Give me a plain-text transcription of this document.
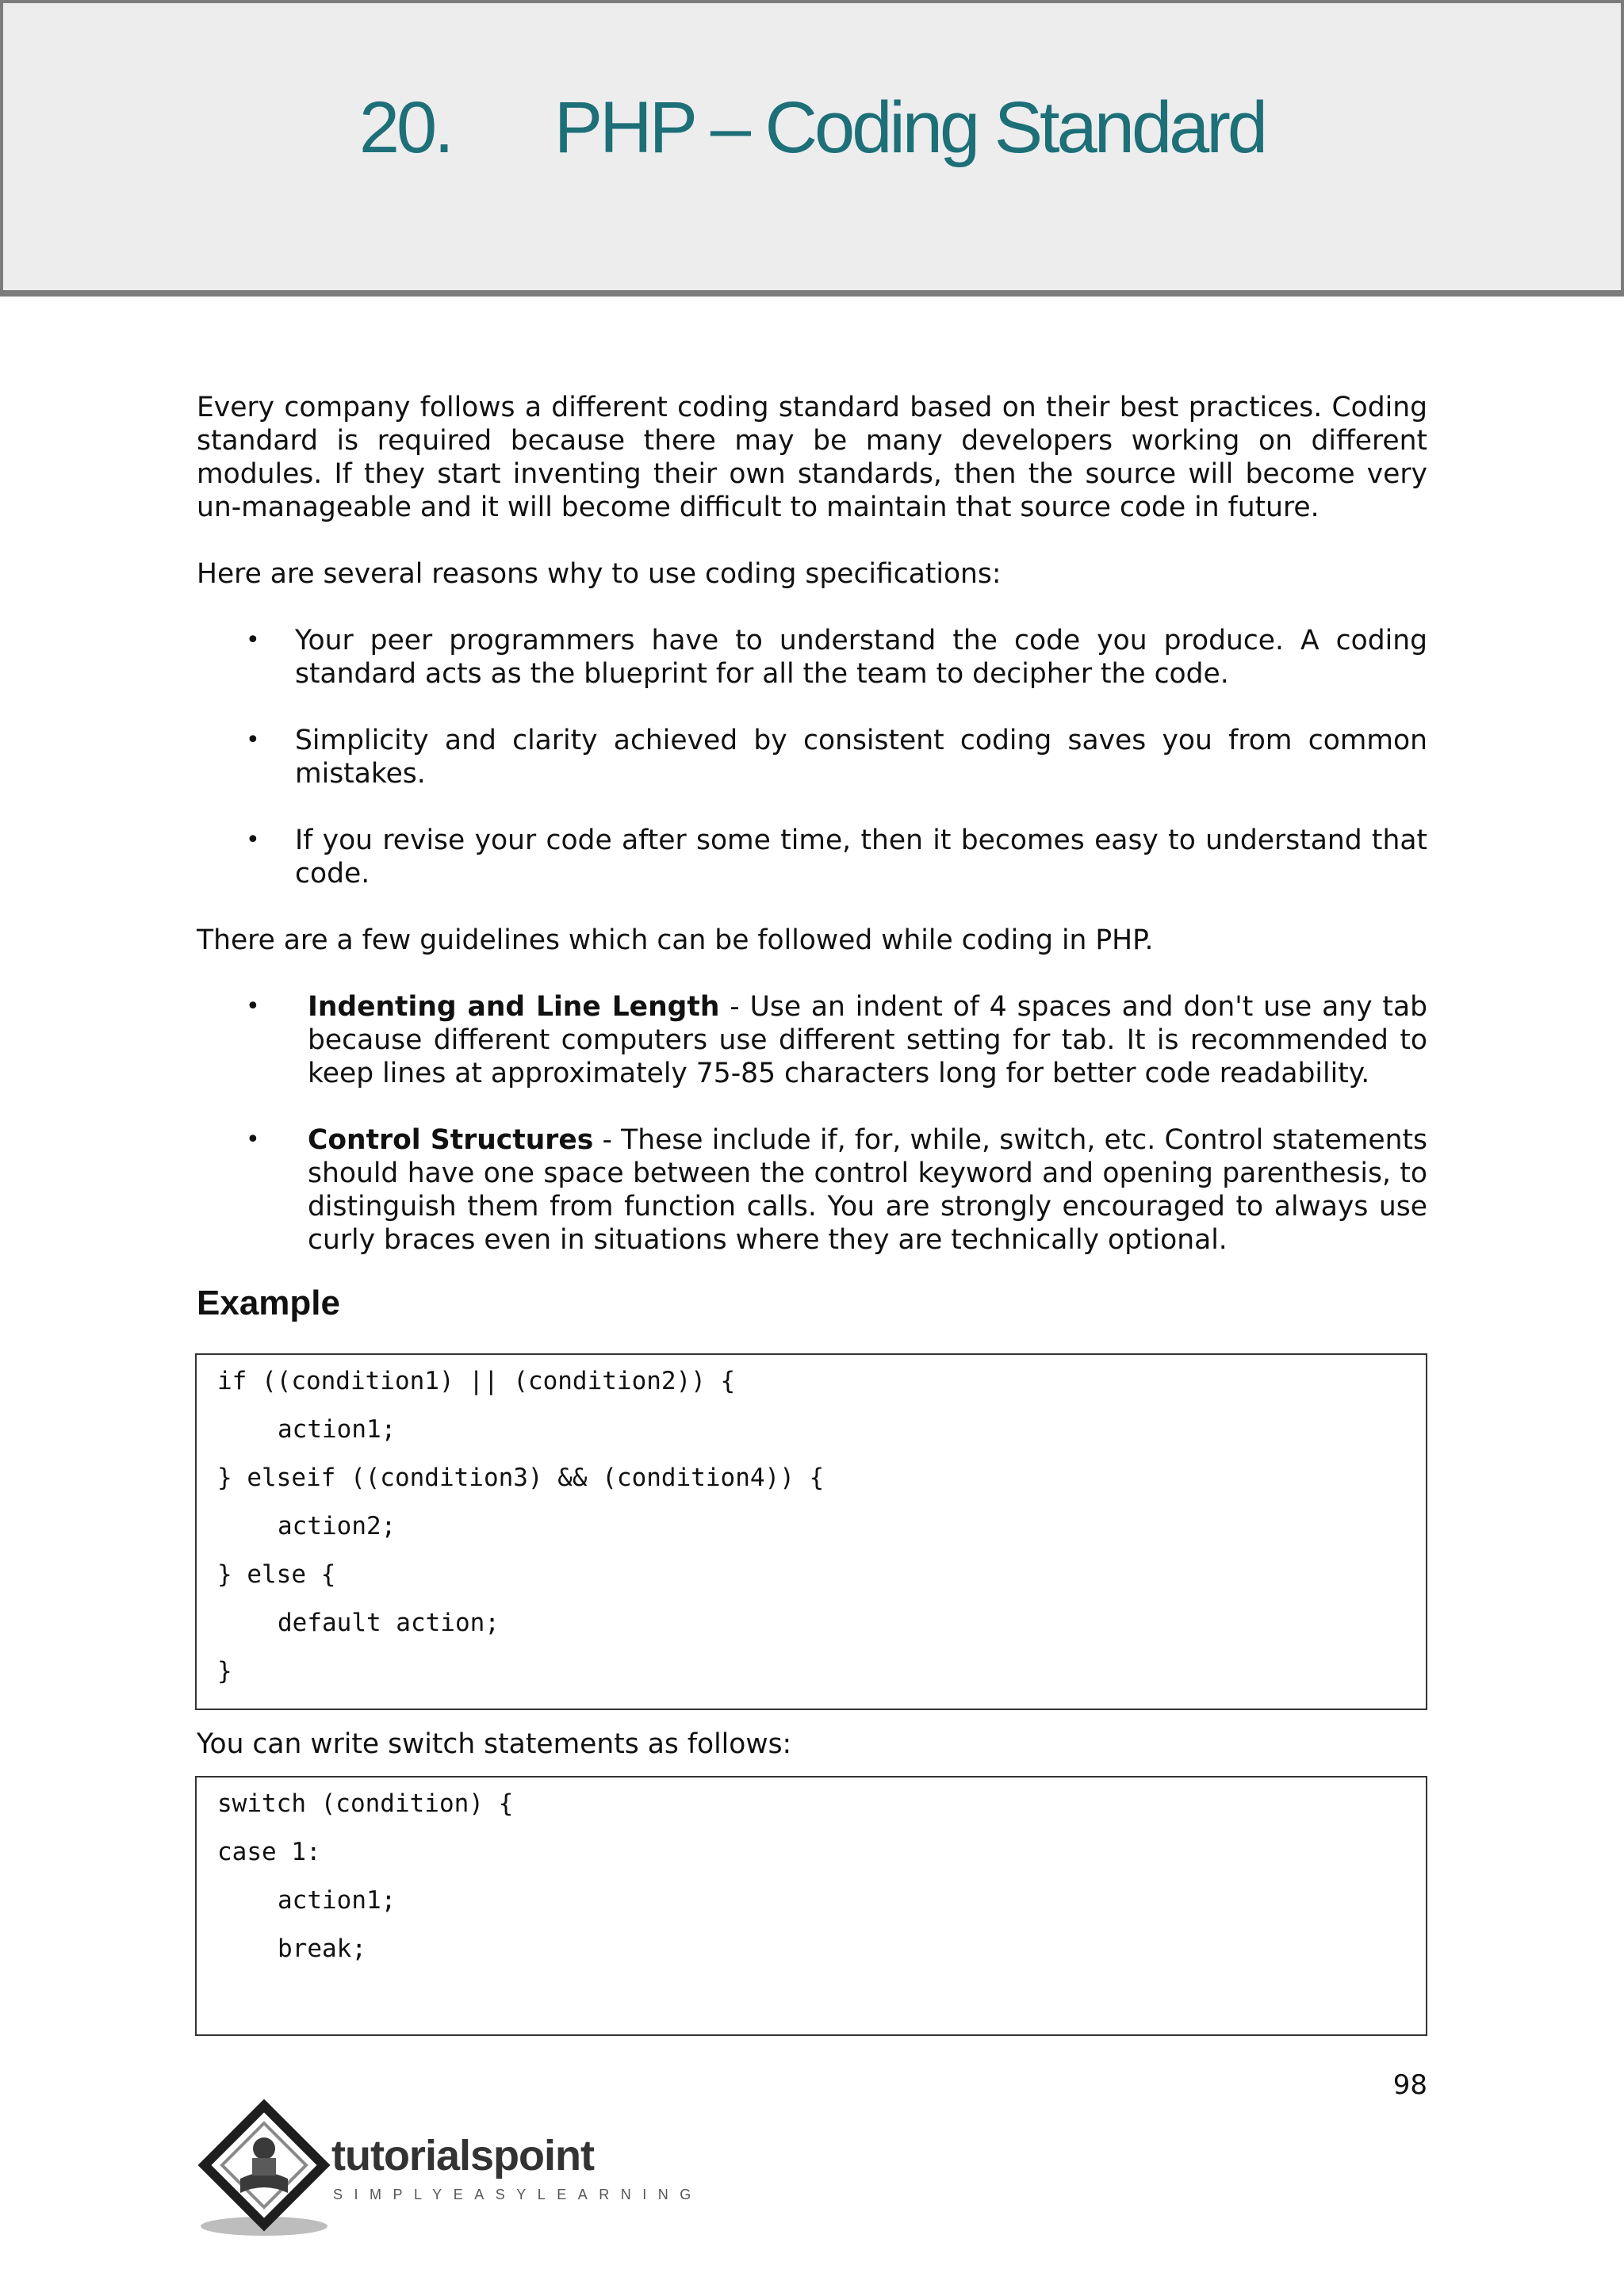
20. PHP – Coding Standard

Every company follows a different coding standard based on their best practices. Coding standard is required because there may be many developers working on different modules. If they start inventing their own standards, then the source will become very un-manageable and it will become difficult to maintain that source code in future.

Here are several reasons why to use coding specifications:

• Your peer programmers have to understand the code you produce. A coding standard acts as the blueprint for all the team to decipher the code.
• Simplicity and clarity achieved by consistent coding saves you from common mistakes.
• If you revise your code after some time, then it becomes easy to understand that code.

There are a few guidelines which can be followed while coding in PHP.

• Indenting and Line Length - Use an indent of 4 spaces and don't use any tab because different computers use different setting for tab. It is recommended to keep lines at approximately 75-85 characters long for better code readability.
• Control Structures - These include if, for, while, switch, etc. Control statements should have one space between the control keyword and opening parenthesis, to distinguish them from function calls. You are strongly encouraged to always use curly braces even in situations where they are technically optional.
Example
if ((condition1) || (condition2)) {
action1;
} elseif ((condition3) && (condition4)) {
action2;
} else {
default action;
}

You can write switch statements as follows:

switch (condition) {
case 1:
action1;
break;
98
tutorialspoint
SIMPLYEASYLEARNING
